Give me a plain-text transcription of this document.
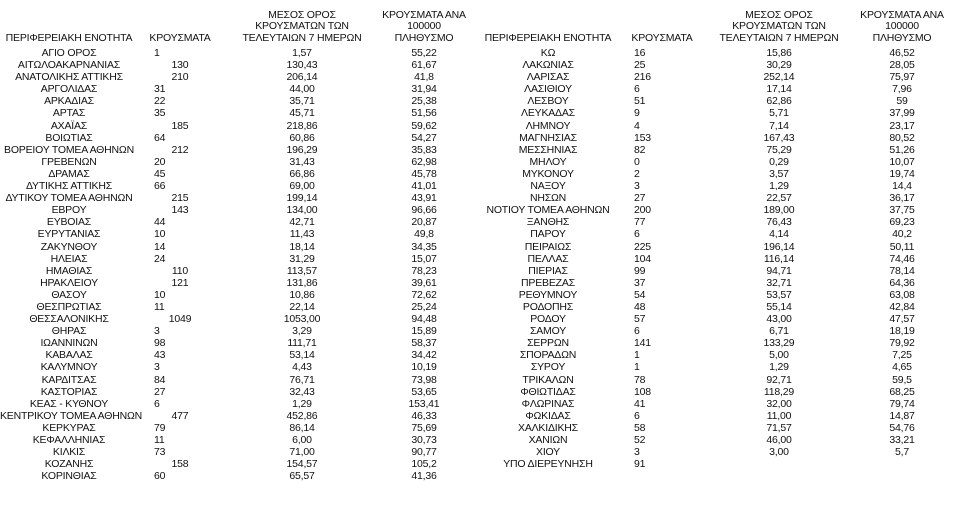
ΠΕΡΙΦΕΡΕΙΑΚΗ ΕΝΟΤΗΤΑ	ΚΡΟΥΣΜΑΤΑ
ΜΕΣΟΣ ΟΡΟΣ
ΚΡΟΥΣΜΑΤΩΝ ΤΩΝ
ΤΕΛΕΥΤΑΙΩΝ 7 ΗΜΕΡΩΝ
ΚΡΟΥΣΜΑΤΑ ΑΝΑ 100000
ΠΛΗΘΥΣΜΟ
ΑΓΙΟ ΟΡΟΣ	1	1,57	55,22
ΑΙΤΩΛΟΑΚΑΡΝΑΝΙΑΣ	130	130,43	61,67
ΑΝΑΤΟΛΙΚΗΣ ΑΤΤΙΚΗΣ	210	206,14	41,8
ΑΡΓΟΛΙΔΑΣ	31	44,00	31,94
ΑΡΚΑΔΙΑΣ	22	35,71	25,38
ΑΡΤΑΣ	35	45,71	51,56
ΑΧΑΪΑΣ	185	218,86	59,62
ΒΟΙΩΤΙΑΣ	64	60,86	54,27
ΒΟΡΕΙΟΥ ΤΟΜΕΑ ΑΘΗΝΩΝ	212	196,29	35,83
ΓΡΕΒΕΝΩΝ	20	31,43	62,98
ΔΡΑΜΑΣ	45	66,86	45,78
ΔΥΤΙΚΗΣ ΑΤΤΙΚΗΣ	66	69,00	41,01
ΔΥΤΙΚΟΥ ΤΟΜΕΑ ΑΘΗΝΩΝ	215	199,14	43,91
ΕΒΡΟΥ	143	134,00	96,66
ΕΥΒΟΙΑΣ	44	42,71	20,87
ΕΥΡΥΤΑΝΙΑΣ	10	11,43	49,8
ΖΑΚΥΝΘΟΥ	14	18,14	34,35
ΗΛΕΙΑΣ	24	31,29	15,07
ΗΜΑΘΙΑΣ	110	113,57	78,23
ΗΡΑΚΛΕΙΟΥ	121	131,86	39,61
ΘΑΣΟΥ	10	10,86	72,62
ΘΕΣΠΡΩΤΙΑΣ	11	22,14	25,24
ΘΕΣΣΑΛΟΝΙΚΗΣ	1049	1053,00	94,48
ΘΗΡΑΣ	3	3,29	15,89
ΙΩΑΝΝΙΝΩΝ	98	111,71	58,37
ΚΑΒΑΛΑΣ	43	53,14	34,42
ΚΑΛΥΜΝΟΥ	3	4,43	10,19
ΚΑΡΔΙΤΣΑΣ	84	76,71	73,98
ΚΑΣΤΟΡΙΑΣ	27	32,43	53,65
ΚΕΑΣ - ΚΥΘΝΟΥ	6	1,29	153,41
ΚΕΝΤΡΙΚΟΥ ΤΟΜΕΑ ΑΘΗΝΩΝ	477	452,86	46,33
ΚΕΡΚΥΡΑΣ	79	86,14	75,69
ΚΕΦΑΛΛΗΝΙΑΣ	11	6,00	30,73
ΚΙΛΚΙΣ	73	71,00	90,77
ΚΟΖΑΝΗΣ	158	154,57	105,2
ΚΟΡΙΝΘΙΑΣ	60	65,57	41,36
ΠΕΡΙΦΕΡΕΙΑΚΗ ΕΝΟΤΗΤΑ	ΚΡΟΥΣΜΑΤΑ
ΜΕΣΟΣ ΟΡΟΣ
ΚΡΟΥΣΜΑΤΩΝ ΤΩΝ
ΤΕΛΕΥΤΑΙΩΝ 7 ΗΜΕΡΩΝ
ΚΡΟΥΣΜΑΤΑ ΑΝΑ 100000
ΠΛΗΘΥΣΜΟ
ΚΩ	16	15,86	46,52
ΛΑΚΩΝΙΑΣ	25	30,29	28,05
ΛΑΡΙΣΑΣ	216	252,14	75,97
ΛΑΣΙΘΙΟΥ	6	17,14	7,96
ΛΕΣΒΟΥ	51	62,86	59
ΛΕΥΚΑΔΑΣ	9	5,71	37,99
ΛΗΜΝΟΥ	4	7,14	23,17
ΜΑΓΝΗΣΙΑΣ	153	167,43	80,52
ΜΕΣΣΗΝΙΑΣ	82	75,29	51,26
ΜΗΛΟΥ	0	0,29	10,07
ΜΥΚΟΝΟΥ	2	3,57	19,74
ΝΑΞΟΥ	3	1,29	14,4
ΝΗΣΩΝ	27	22,57	36,17
ΝΟΤΙΟΥ ΤΟΜΕΑ ΑΘΗΝΩΝ	200	189,00	37,75
ΞΑΝΘΗΣ	77	76,43	69,23
ΠΑΡΟΥ	6	4,14	40,2
ΠΕΙΡΑΙΩΣ	225	196,14	50,11
ΠΕΛΛΑΣ	104	116,14	74,46
ΠΙΕΡΙΑΣ	99	94,71	78,14
ΠΡΕΒΕΖΑΣ	37	32,71	64,36
ΡΕΘΥΜΝΟΥ	54	53,57	63,08
ΡΟΔΟΠΗΣ	48	55,14	42,84
ΡΟΔΟΥ	57	43,00	47,57
ΣΑΜΟΥ	6	6,71	18,19
ΣΕΡΡΩΝ	141	133,29	79,92
ΣΠΟΡΑΔΩΝ	1	5,00	7,25
ΣΥΡΟΥ	1	1,29	4,65
ΤΡΙΚΑΛΩΝ	78	92,71	59,5
ΦΘΙΩΤΙΔΑΣ	108	118,29	68,25
ΦΛΩΡΙΝΑΣ	41	32,00	79,74
ΦΩΚΙΔΑΣ	6	11,00	14,87
ΧΑΛΚΙΔΙΚΗΣ	58	71,57	54,76
ΧΑΝΙΩΝ	52	46,00	33,21
ΧΙΟΥ	3	3,00	5,7
ΥΠΟ ΔΙΕΡΕΥΝΗΣΗ	91
